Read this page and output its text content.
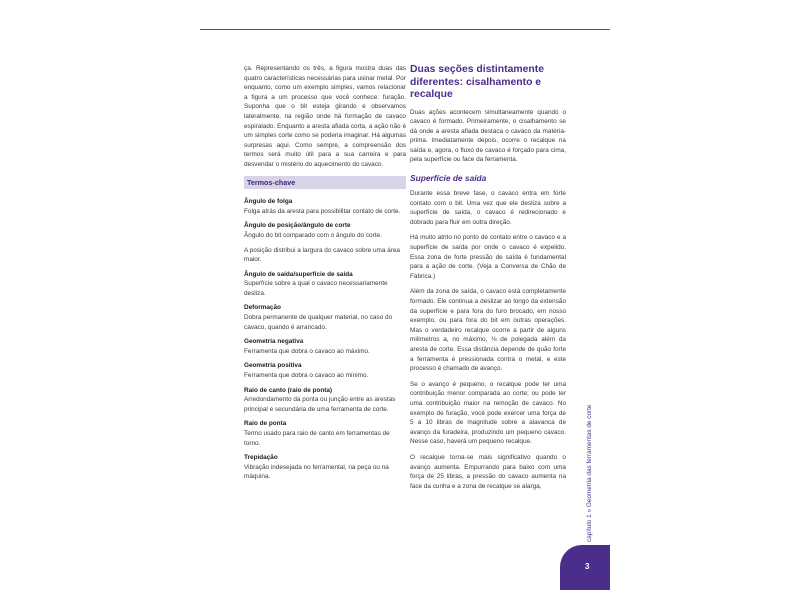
ça. Representando os três, a figura mostra duas das quatro características necessárias para usinar metal. Por enquanto, como um exemplo simples, vamos relacionar a figura a um processo que você conhece: furação. Suponha que o bit esteja girando e observamos lateralmente, na região onde há formação de cavaco espiralado. Enquanto a aresta afiada corta, a ação não é um simples corte como se poderia imaginar. Há algumas surpresas aqui. Como sempre, a compreensão dos termos será muito útil para a sua carreira e para desvendar o mistério do aquecimento do cavaco.

Termos-chave
Ângulo de folga
Folga atrás da aresta para possibilitar contato de corte.
Ângulo de posição/ângulo de corte
Ângulo do bit comparado com o ângulo do corte.
A posição distribui a largura do cavaco sobre uma área maior.
Ângulo de saída/superfície de saída
Superfície sobre a qual o cavaco necessariamente desliza.
Deformação
Dobra permanente de qualquer material, no caso do cavaco, quando é arrancado.
Geometria negativa
Ferramenta que dobra o cavaco ao máximo.
Geometria positiva
Ferramenta que dobra o cavaco ao mínimo.
Raio de canto (raio de ponta)
Arredondamento da ponta ou junção entre as arestas principal e secundária de uma ferramenta de corte.
Raio de ponta
Termo usado para raio de canto em ferramentas de torno.
Trepidação
Vibração indesejada no ferramental, na peça ou na máquina.
Duas seções distintamente diferentes: cisalhamento e recalque

Duas ações acontecem simultaneamente quando o cavaco é formado. Primeiramente, o cisalhamento se dá onde a aresta afiada destaca o cavaco da matéria-prima. Imediatamente depois, ocorre o recalque na saída e, agora, o fluxo de cavaco é forçado para cima, pela superfície ou face da ferramenta.

Superfície de saída

Durante essa breve fase, o cavaco entra em forte contato com o bit. Uma vez que ele desliza sobre a superfície de saída, o cavaco é redirecionado e dobrado para fluir em outra direção.

Há muito atrito no ponto de contato entre o cavaco e a superfície de saída por onde o cavaco é expelido. Essa zona de forte pressão de saída é fundamental para a ação de corte. (Veja a Conversa de Chão de Fábrica.)

Além da zona de saída, o cavaco está completamente formado. Ele continua a deslizar ao longo da extensão da superfície e para fora do furo brocado, em nosso exemplo, ou para fora do bit em outras operações. Mas o verdadeiro recalque ocorre a partir de alguns milímetros a, no máximo, ⅛ de polegada além da aresta de corte. Essa distância depende de quão forte a ferramenta é pressionada contra o metal, e este processo é chamado de avanço.

Se o avanço é pequeno, o recalque pode ter uma contribuição menor comparada ao corte; ou pode ter uma contribuição maior na remoção de cavaco. No exemplo de furação, você pode exercer uma força de 5 a 10 libras de magnitude sobre a alavanca de avanço da furadeira, produzindo um pequeno cavaco. Nesse caso, haverá um pequeno recalque.

O recalque torna-se mais significativo quando o avanço aumenta. Empurrando para baixo com uma força de 25 libras, a pressão do cavaco aumenta na face da cunha e a zona de recalque se alarga,	capítulo 1 » Geometria das ferramentas de corte
3
